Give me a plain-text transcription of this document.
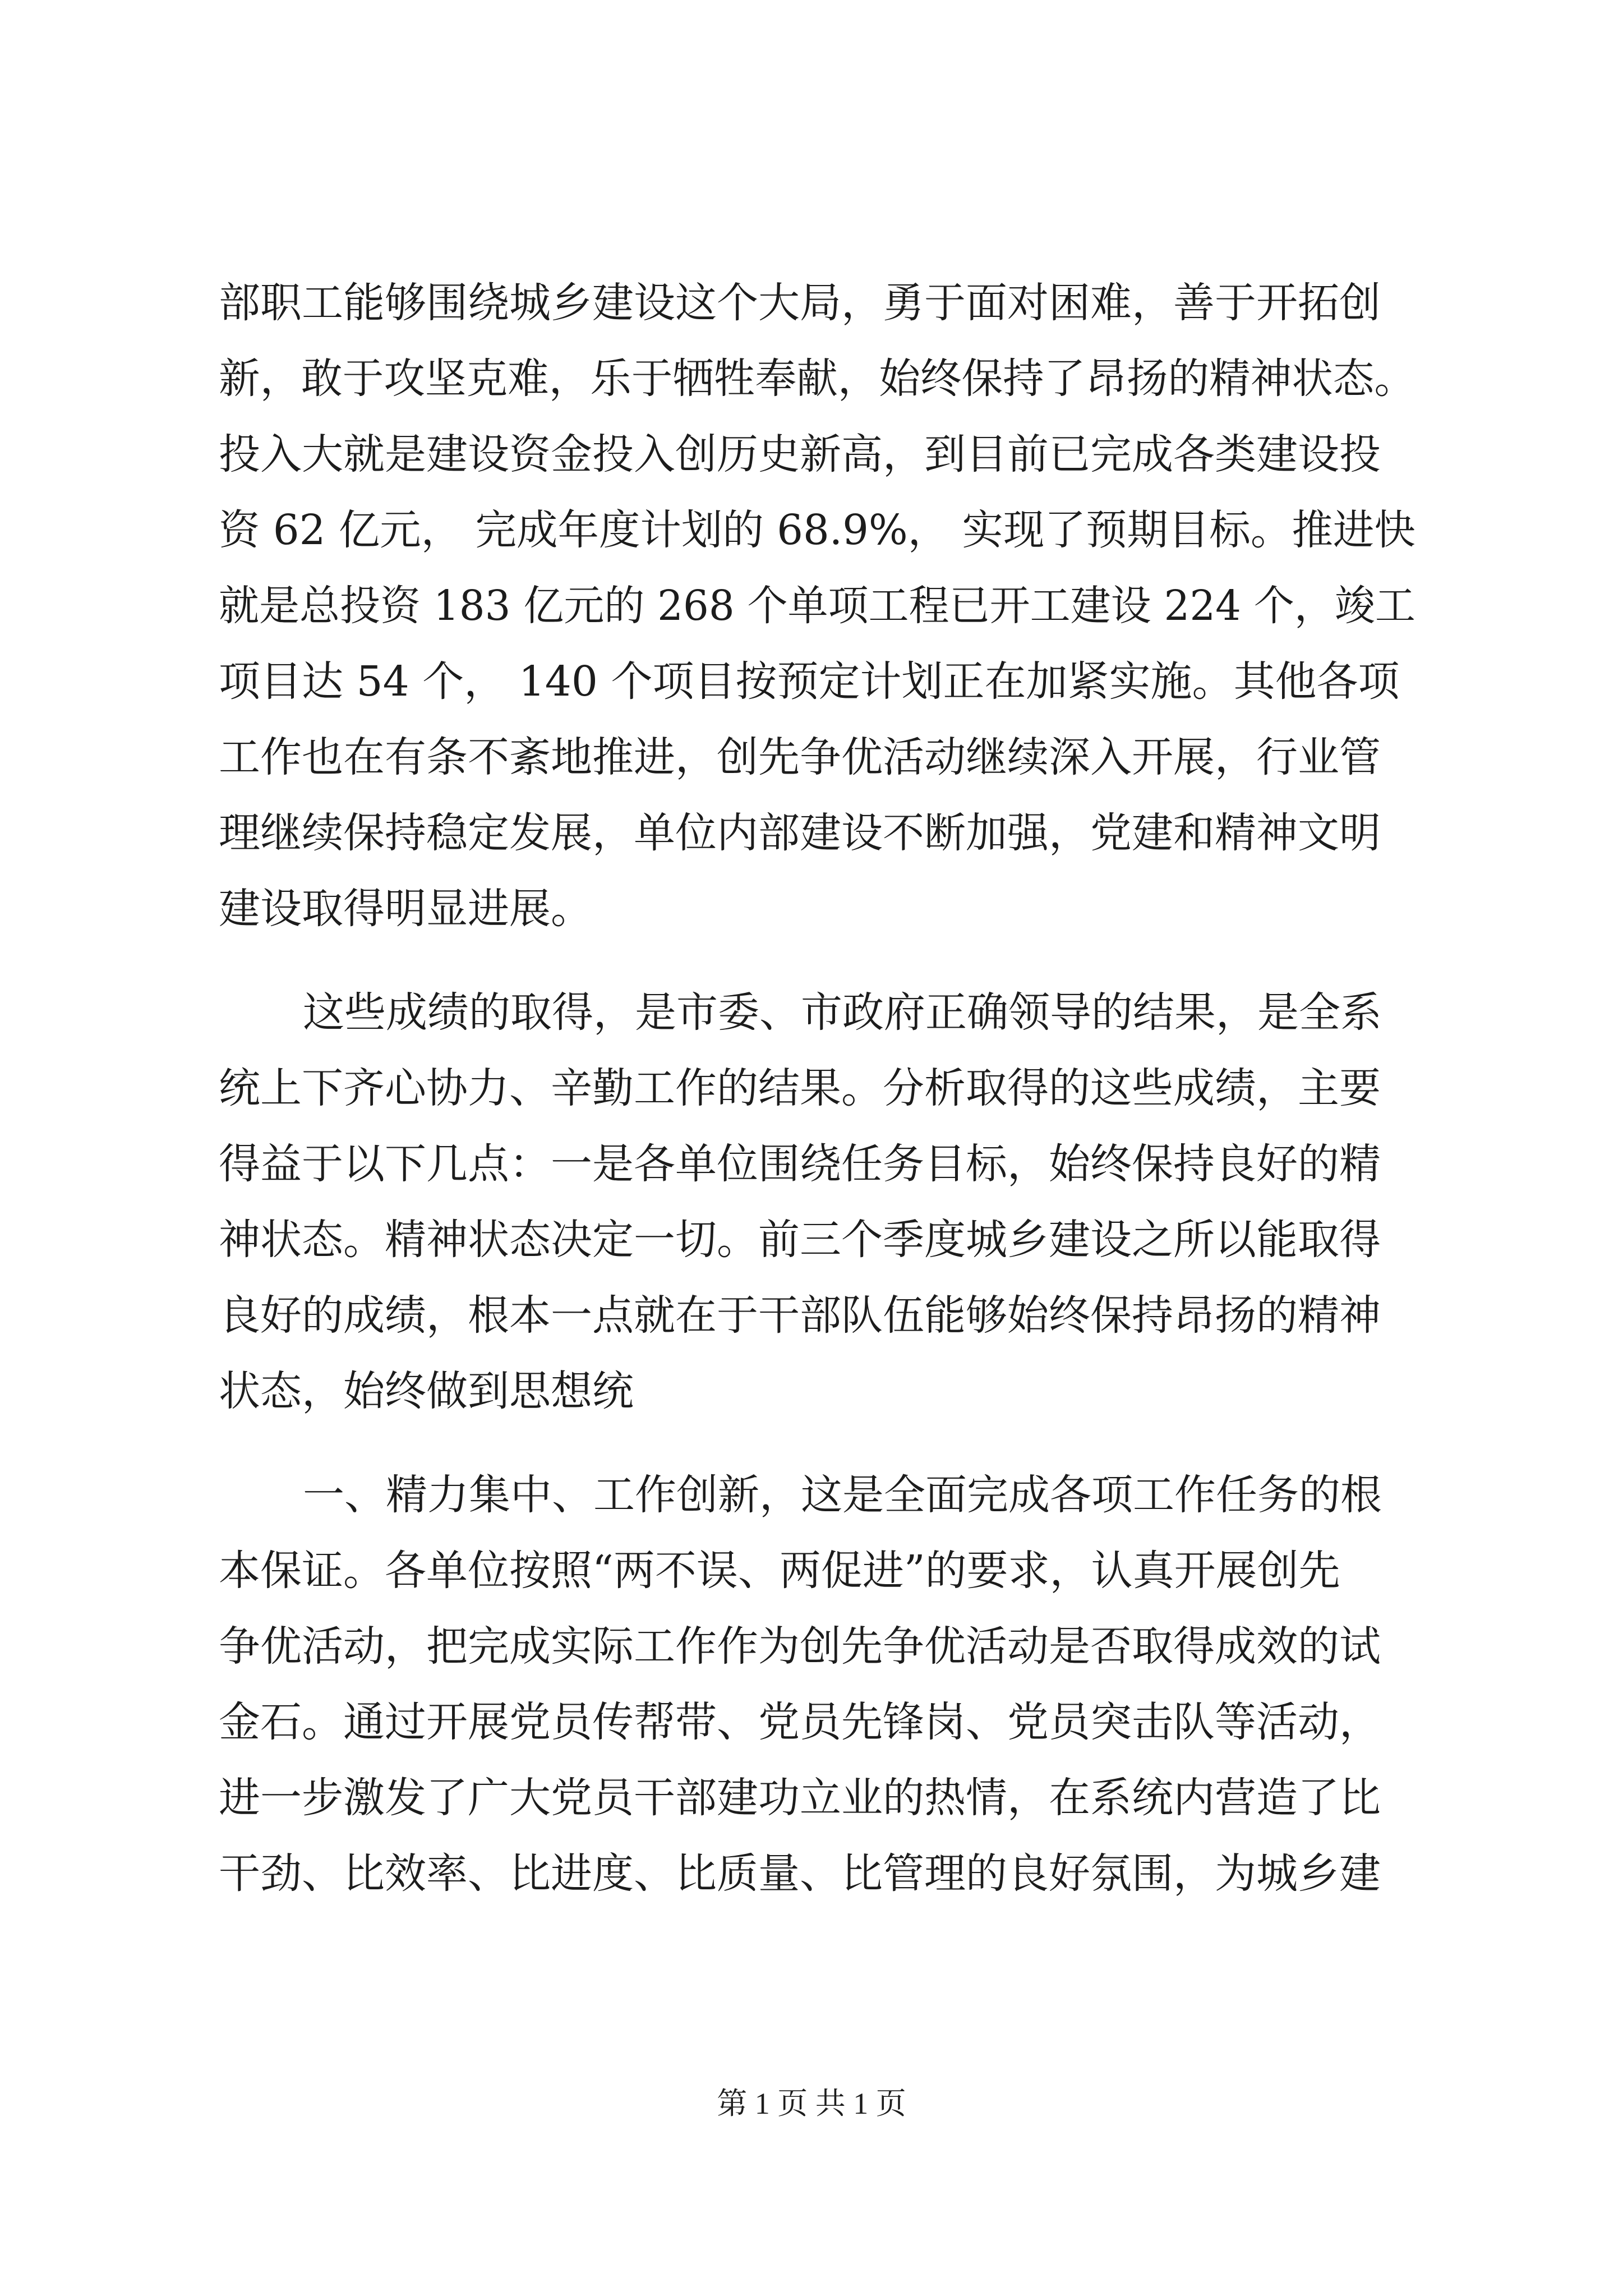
部职工能够围绕城乡建设这个大局，勇于面对困难，善于开拓创
新，敢于攻坚克难，乐于牺牲奉献，始终保持了昂扬的精神状态。
投入大就是建设资金投入创历史新高，到目前已完成各类建设投
资 62 亿元， 完成年度计划的 68.9%， 实现了预期目标。推进快
就是总投资 183 亿元的 268 个单项工程已开工建设 224 个，竣工
项目达 54 个， 140 个项目按预定计划正在加紧实施。其他各项
工作也在有条不紊地推进，创先争优活动继续深入开展，行业管
理继续保持稳定发展，单位内部建设不断加强，党建和精神文明
建设取得明显进展。
这些成绩的取得，是市委、市政府正确领导的结果，是全系
统上下齐心协力、辛勤工作的结果。分析取得的这些成绩，主要
得益于以下几点：一是各单位围绕任务目标，始终保持良好的精
神状态。精神状态决定一切。前三个季度城乡建设之所以能取得
良好的成绩，根本一点就在于干部队伍能够始终保持昂扬的精神
状态，始终做到思想统
一、精力集中、工作创新，这是全面完成各项工作任务的根
本保证。各单位按照“两不误、两促进”的要求，认真开展创先
争优活动，把完成实际工作作为创先争优活动是否取得成效的试
金石。通过开展党员传帮带、党员先锋岗、党员突击队等活动，
进一步激发了广大党员干部建功立业的热情，在系统内营造了比
干劲、比效率、比进度、比质量、比管理的良好氛围，为城乡建
第 1 页 共 1 页
